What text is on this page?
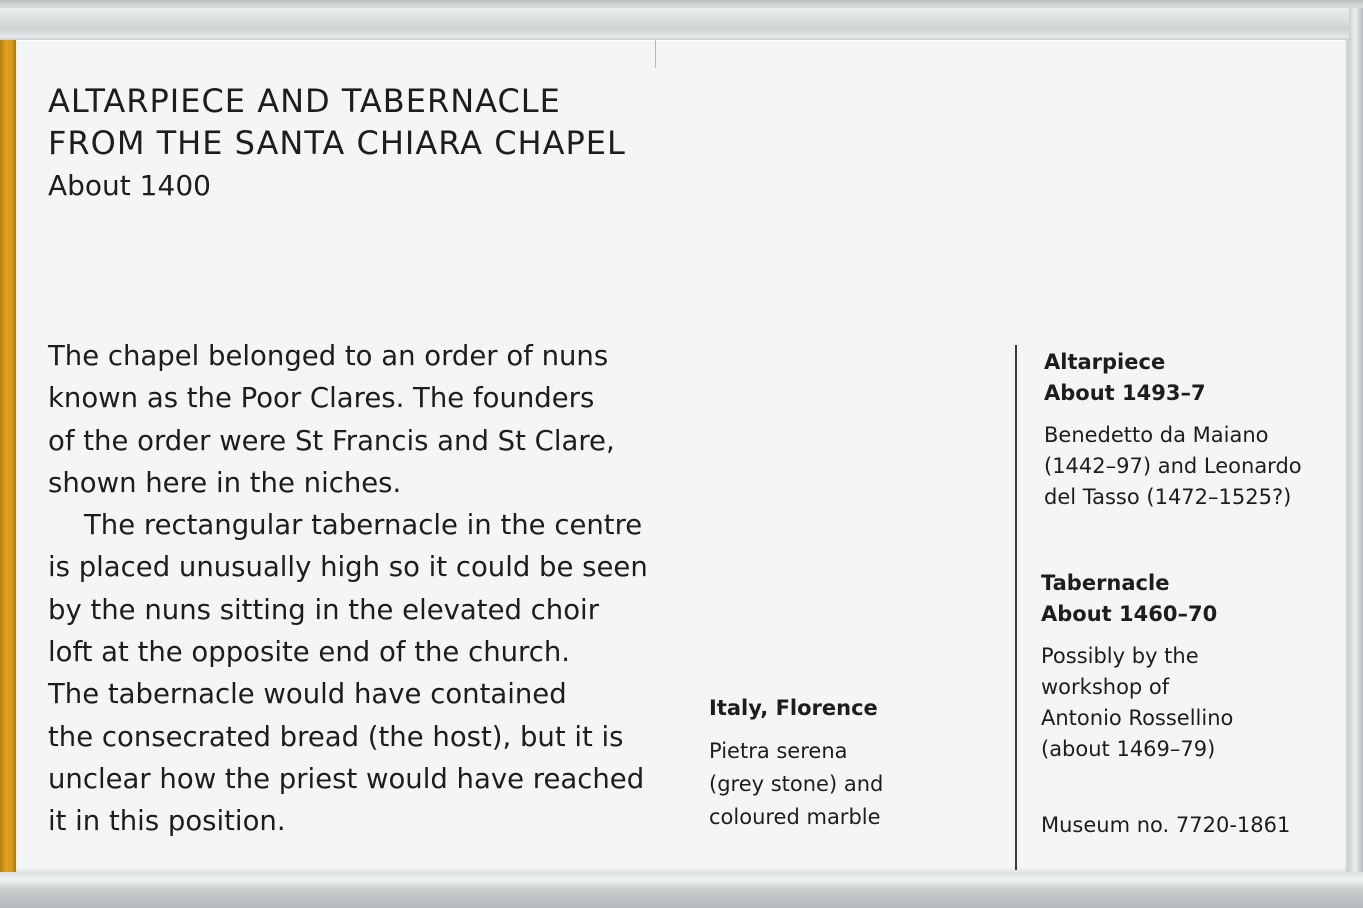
ALTARPIECE AND TABERNACLE
FROM THE SANTA CHIARA CHAPEL
About 1400
The chapel belonged to an order of nuns
known as the Poor Clares. The founders
of the order were St Francis and St Clare,
shown here in the niches.
The rectangular tabernacle in the centre
is placed unusually high so it could be seen
by the nuns sitting in the elevated choir
loft at the opposite end of the church.
The tabernacle would have contained
the consecrated bread (the host), but it is
unclear how the priest would have reached
it in this position.
Italy, Florence
Pietra serena
(grey stone) and
coloured marble
Altarpiece
About 1493–7
Benedetto da Maiano
(1442–97) and Leonardo
del Tasso (1472–1525?)
Tabernacle
About 1460–70
Possibly by the
workshop of
Antonio Rossellino
(about 1469–79)
Museum no. 7720-1861
